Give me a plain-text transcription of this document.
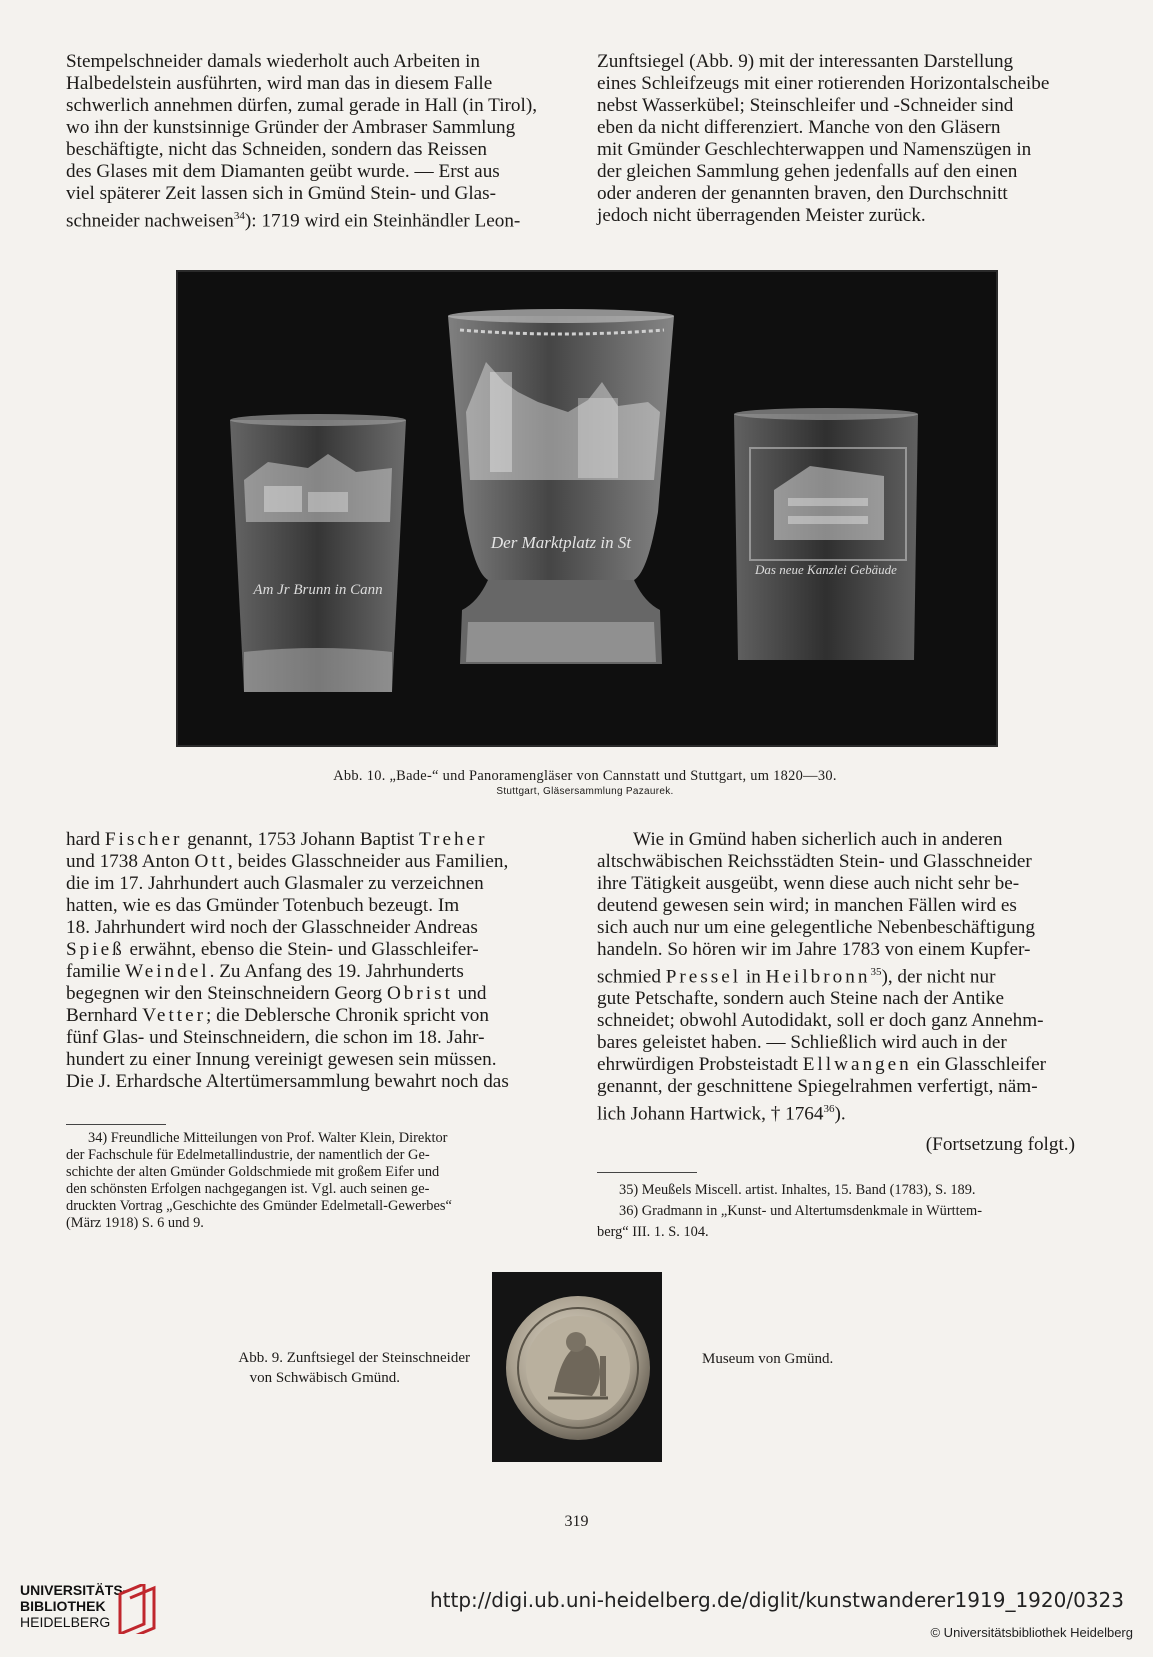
Stempelschneider damals wiederholt auch Arbeiten in

Halbedelstein ausführten, wird man das in diesem Falle

schwerlich annehmen dürfen, zumal gerade in Hall (in Tirol),

wo ihn der kunstsinnige Gründer der Ambraser Sammlung

beschäftigte, nicht das Schneiden, sondern das Reissen

des Glases mit dem Diamanten geübt wurde. — Erst aus

viel späterer Zeit lassen sich in Gmünd Stein- und Glas-

schneider nachweisen$^{34}$): 1719 wird ein Steinhändler Leon-

Zunftsiegel (Abb. 9) mit der interessanten Darstellung

eines Schleifzeugs mit einer rotierenden Horizontalscheibe

nebst Wasserkübel; Steinschleifer und -Schneider sind

eben da nicht differenziert. Manche von den Gläsern

mit Gmünder Geschlechterwappen und Namenszügen in

der gleichen Sammlung gehen jedenfalls auf den einen

oder anderen der genannten braven, den Durchschnitt

jedoch nicht überragenden Meister zurück.

Am Jr Brunn in Cann
Der Marktplatz in St
Das neue Kanzlei Gebäude
Abb. 10. „Bade-“ und Panoramengläser von Cannstatt und Stuttgart, um 1820—30.
Stuttgart, Gläsersammlung Pazaurek.

hard Fischer genannt, 1753 Johann Baptist Treher

und 1738 Anton Ott, beides Glasschneider aus Familien,

die im 17. Jahrhundert auch Glasmaler zu verzeichnen

hatten, wie es das Gmünder Totenbuch bezeugt. Im

18. Jahrhundert wird noch der Glasschneider Andreas

Spieß erwähnt, ebenso die Stein- und Glasschleifer-

familie Weindel. Zu Anfang des 19. Jahrhunderts

begegnen wir den Steinschneidern Georg Obrist und

Bernhard Vetter; die Deblersche Chronik spricht von

fünf Glas- und Steinschneidern, die schon im 18. Jahr-

hundert zu einer Innung vereinigt gewesen sein müssen.

Die J. Erhardsche Altertümersammlung bewahrt noch das

34) Freundliche Mitteilungen von Prof. Walter Klein, Direktor

der Fachschule für Edelmetallindustrie, der namentlich der Ge-

schichte der alten Gmünder Goldschmiede mit großem Eifer und

den schönsten Erfolgen nachgegangen ist. Vgl. auch seinen ge-

druckten Vortrag „Geschichte des Gmünder Edelmetall-Gewerbes“

(März 1918) S. 6 und 9.

Wie in Gmünd haben sicherlich auch in anderen

altschwäbischen Reichsstädten Stein- und Glasschneider

ihre Tätigkeit ausgeübt, wenn diese auch nicht sehr be-

deutend gewesen sein wird; in manchen Fällen wird es

sich auch nur um eine gelegentliche Nebenbeschäftigung

handeln. So hören wir im Jahre 1783 von einem Kupfer-

schmied Pressel in Heilbronn$^{35}$), der nicht nur

gute Petschafte, sondern auch Steine nach der Antike

schneidet; obwohl Autodidakt, soll er doch ganz Annehm-

bares geleistet haben. — Schließlich wird auch in der

ehrwürdigen Probsteistadt Ellwangen ein Glasschleifer

genannt, der geschnittene Spiegelrahmen verfertigt, näm-

lich Johann Hartwick, † 1764$^{36}$).

(Fortsetzung folgt.)

35) Meußels Miscell. artist. Inhaltes, 15. Band (1783), S. 189.

36) Gradmann in „Kunst- und Altertumsdenkmale in Württem-

berg“ III. 1. S. 104.

Abb. 9. Zunftsiegel der Steinschneider
von Schwäbisch Gmünd.
Museum von Gmünd.
319
UNIVERSITÄTS-
BIBLIOTHEK
HEIDELBERG
http://digi.ub.uni-heidelberg.de/diglit/kunstwanderer1919_1920/0323
© Universitätsbibliothek Heidelberg
